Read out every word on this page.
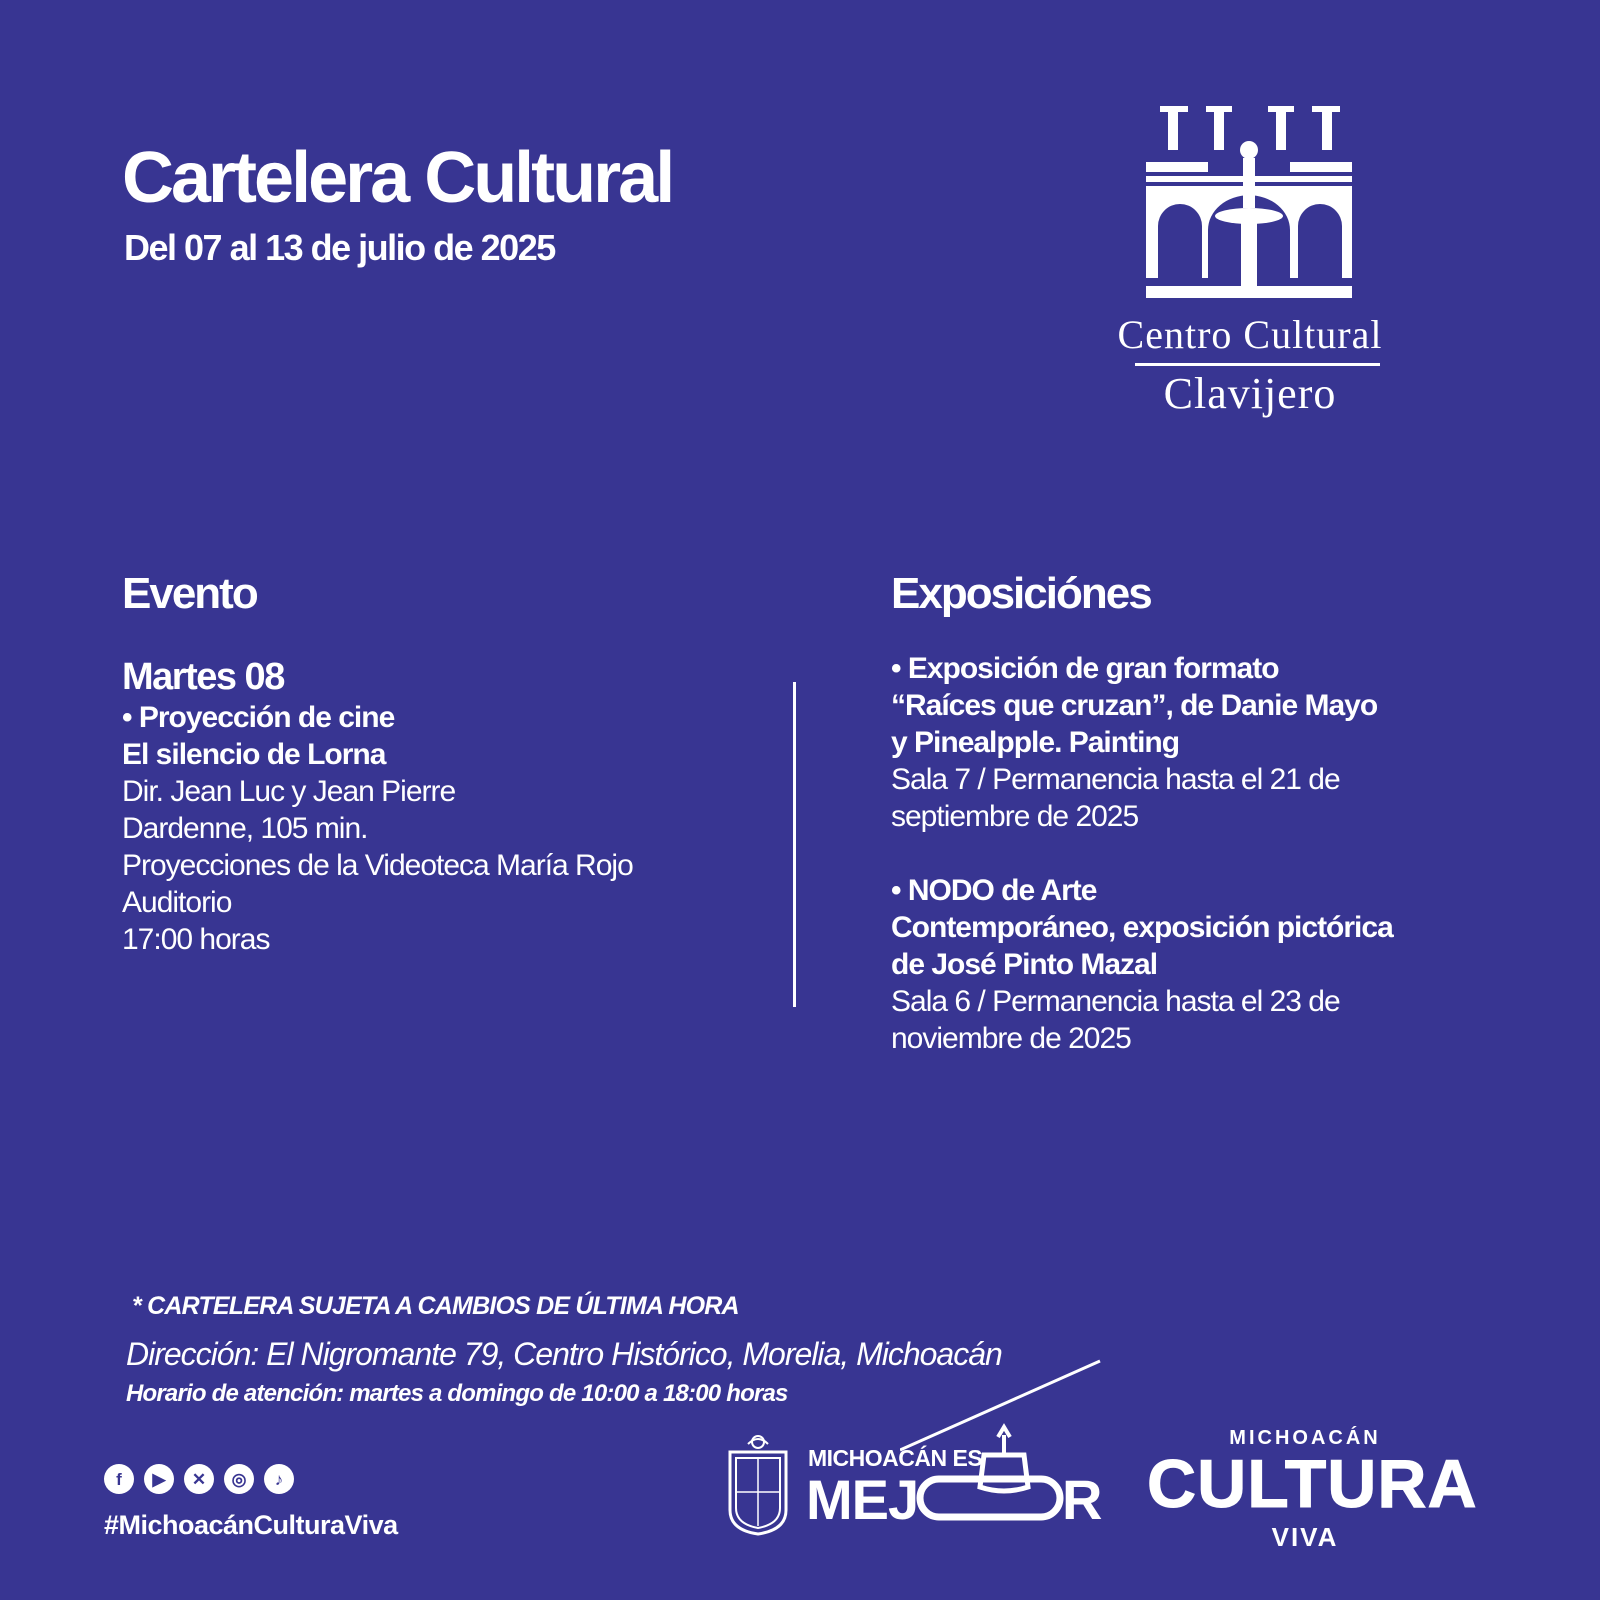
Cartelera Cultural
Del 07 al 13 de julio de 2025
Centro Cultural
Clavijero
Evento
Martes 08
• Proyección de cine
El silencio de Lorna
Dir. Jean Luc y Jean Pierre
Dardenne, 105 min.
Proyecciones de la Videoteca María Rojo
Auditorio
17:00 horas
Exposiciónes
• Exposición de gran formato
“Raíces que cruzan”, de Danie Mayo
y Pinealpple. Painting
Sala 7 / Permanencia hasta el 21 de
septiembre de 2025
• NODO de Arte
Contemporáneo, exposición pictórica
de José Pinto Mazal
Sala 6 / Permanencia hasta el 23 de
noviembre de 2025
* CARTELERA SUJETA A CAMBIOS DE ÚLTIMA HORA
Dirección: El Nigromante 79, Centro Histórico, Morelia, Michoacán
Horario de atención: martes a domingo de 10:00 a 18:00 horas
f	▶	✕	◎	♪
#MichoacánCulturaViva
MICHOACÁN ES
MEJ	R
MICHOACÁN
CULTURA
VIVA
